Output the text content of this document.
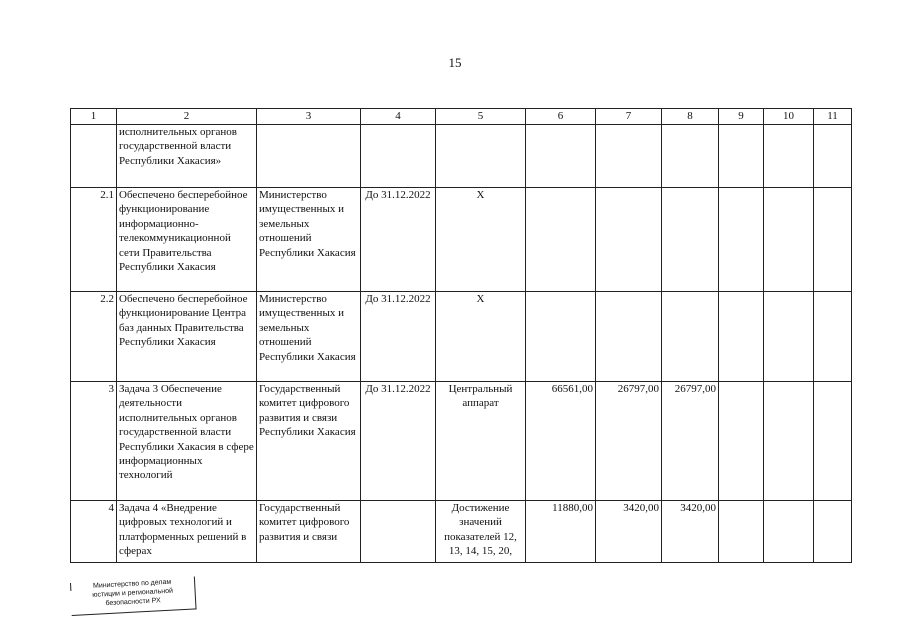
15
1	2	3	4	5	6	7	8	9	10	11
	исполнительных органов государственной власти Республики Хакасия»									
2.1	Обеспечено бесперебойное функционирование информационно-телекоммуникационной сети Правительства Республики Хакасия	Министерство имущественных и земельных отношений Республики Хакасия	До 31.12.2022	Х						
2.2	Обеспечено бесперебойное функционирование Центра баз данных Правительства Республики Хакасия	Министерство имущественных и земельных отношений Республики Хакасия	До 31.12.2022	Х						
3	Задача 3 Обеспечение деятельности исполнительных органов государственной власти Республики Хакасия в сфере информационных технологий	Государственный комитет цифрового развития и связи Республики Хакасия	До 31.12.2022	Центральный аппарат	66561,00	26797,00	26797,00			
4	Задача 4 «Внедрение цифровых технологий и платформенных решений в сферах	Государственный комитет цифрового развития и связи		Достижение значений показателей 12, 13, 14, 15, 20,	11880,00	3420,00	3420,00			
Министерство по делам
юстиции и региональной
безопасности РХ
